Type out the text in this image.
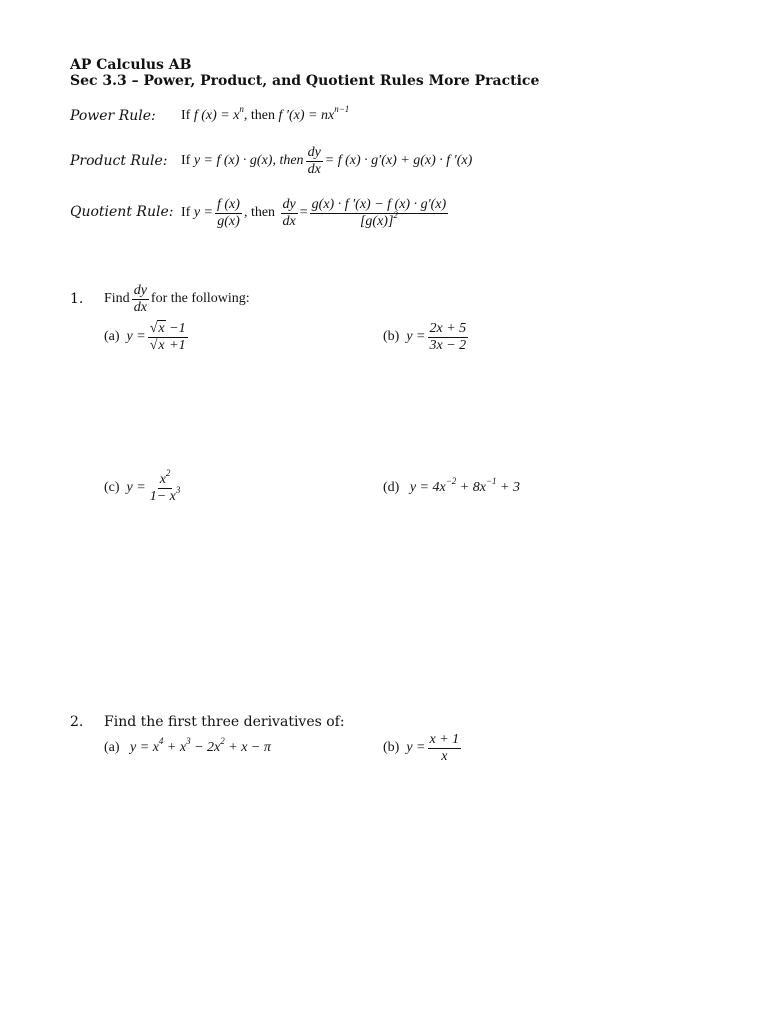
AP Calculus AB
Sec 3.3 – Power, Product, and Quotient Rules More Practice
Power Rule: If f $(x) = x^n$, then f $'(x) = nx^{n-1}$
Product Rule: If
y = f (x) · g(x), then $\frac{dy}{dx} = f$ (x) · g′(x) + g(x) · f ′(x)
Quotient Rule: If
$y = \frac{f (x)}{g(x)}$ , then
$\frac{dy}{dx} = \frac{g(x) \cdot f '(x) - f (x) \cdot g'(x)}{[g(x)]^2}$
1. Find $\frac{dy}{dx}$ for the following:
(a)
$y = \frac{√x -1}{√x +1}$	(b)
$y = \frac{2x + 5}{3x - 2}$
(c)
$y = \frac{x^2}{1- x^3}$	(d) $y = 4x^{-2} + 8x^{-1} + 3$
2. Find the first three derivatives of:
(a) $y = x^4 + x^3 - 2x^2 + x - \pi$	(b)
$y = \frac{x + 1}{x}$
